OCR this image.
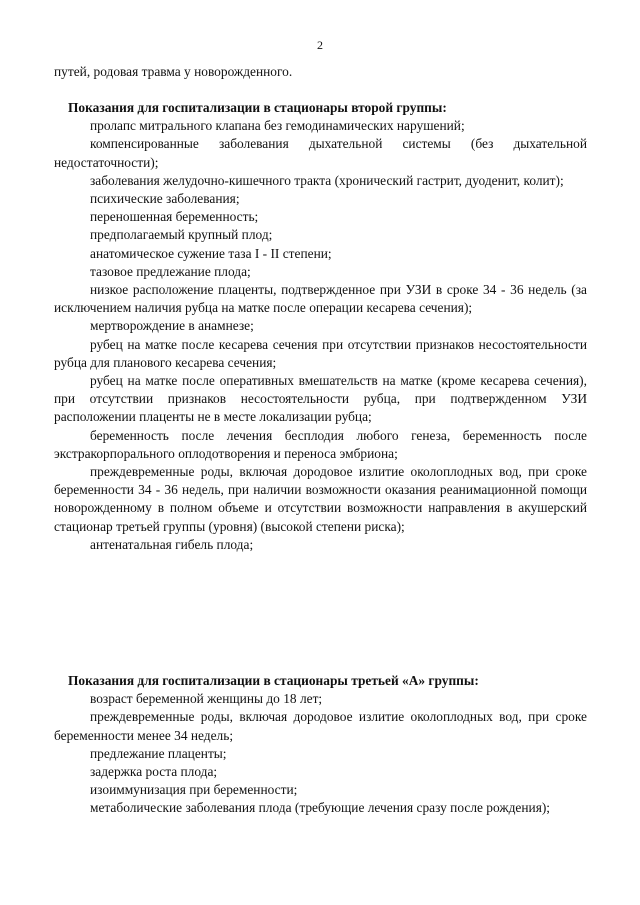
2

путей, родовая травма у новорожденного.

Показания для госпитализации в стационары второй группы:

пролапс митрального клапана без гемодинамических нарушений;

компенсированные заболевания дыхательной системы (без дыхательной недостаточности);

заболевания желудочно-кишечного тракта (хронический гастрит, дуоденит, колит);

психические заболевания;

переношенная беременность;

предполагаемый крупный плод;

анатомическое сужение таза I - II степени;

тазовое предлежание плода;

низкое расположение плаценты, подтвержденное при УЗИ в сроке 34 - 36 недель (за исключением наличия рубца на матке после операции кесарева сечения);

мертворождение в анамнезе;

рубец на матке после кесарева сечения при отсутствии признаков несостоятельности рубца для планового кесарева сечения;

рубец на матке после оперативных вмешательств на матке (кроме кесарева сечения), при отсутствии признаков несостоятельности рубца, при подтвержденном УЗИ расположении плаценты не в месте локализации рубца;

беременность после лечения бесплодия любого генеза, беременность после экстракорпорального оплодотворения и переноса эмбриона;

преждевременные роды, включая дородовое излитие околоплодных вод, при сроке беременности 34 - 36 недель, при наличии возможности оказания реанимационной помощи новорожденному в полном объеме и отсутствии возможности направления в акушерский стационар третьей группы (уровня) (высокой степени риска);

антенатальная гибель плода;

Показания для госпитализации в стационары третьей «А» группы:

возраст беременной женщины до 18 лет;

преждевременные роды, включая дородовое излитие околоплодных вод, при сроке беременности менее 34 недель;

предлежание плаценты;

задержка роста плода;

изоиммунизация при беременности;

метаболические заболевания плода (требующие лечения сразу после рождения);
